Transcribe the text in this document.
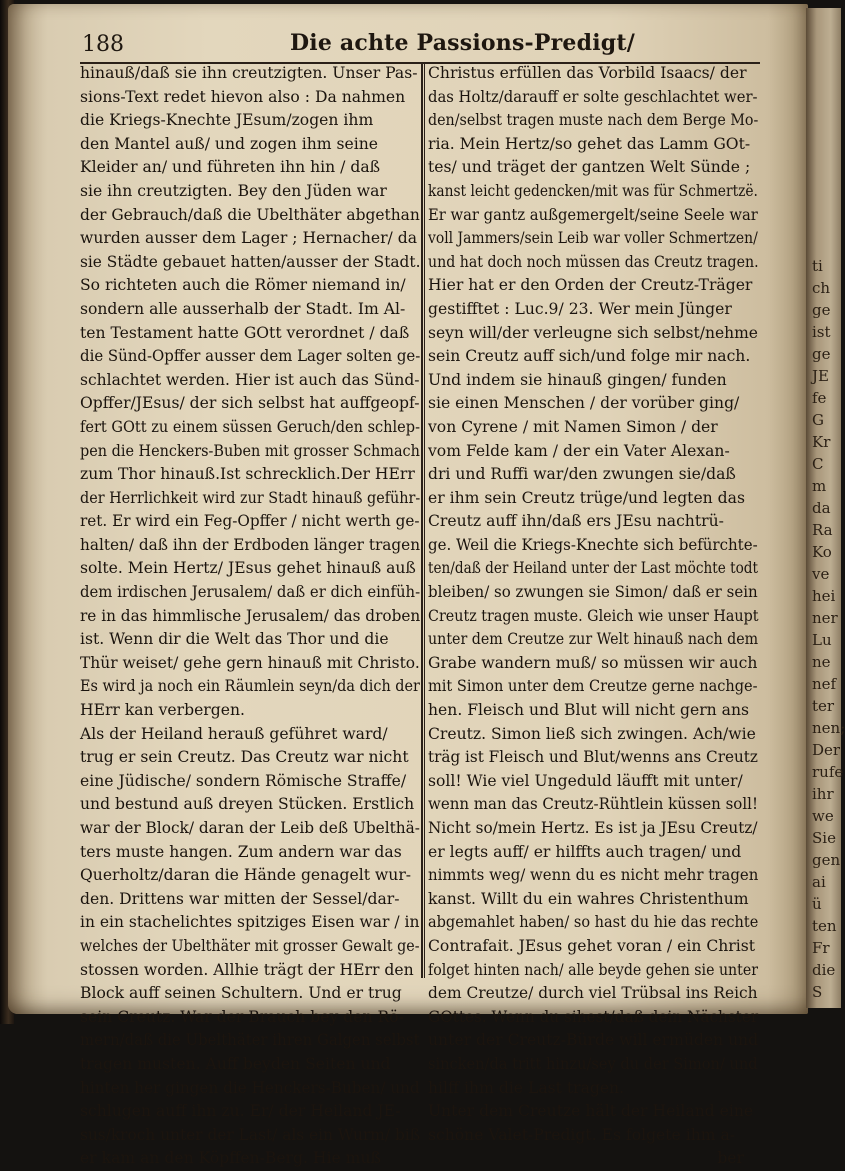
ti
ch
ge
ist
ge
JE
fe
G
Kr
C
m
da
Ra
Ko
ve
hei
ner
Lu
ne
nef
ter
nen;
Der
rufe
ihr
we
Sie
gen
ai
ü
ten
Fr
die
S
188	Die achte Passions-Predigt/
hinauß/daß sie ihn creutzigten. Unser Pas-
sions-Text redet hievon also : Da nahmen
die Kriegs-Knechte JEsum/zogen ihm
den Mantel auß/ und zogen ihm seine
Kleider an/ und führeten ihn hin / daß
sie ihn creutzigten. Bey den Jüden war
der Gebrauch/daß die Ubelthäter abgethan
wurden ausser dem Lager ; Hernacher/ da
sie Städte gebauet hatten/ausser der Stadt.
So richteten auch die Römer niemand in/
sondern alle ausserhalb der Stadt. Im Al-
ten Testament hatte GOtt verordnet / daß
die Sünd-Opffer ausser dem Lager solten ge-
schlachtet werden. Hier ist auch das Sünd-
Opffer/JEsus/ der sich selbst hat auffgeopf-
fert GOtt zu einem süssen Geruch/den schlep-
pen die Henckers-Buben mit grosser Schmach
zum Thor hinauß.Ist schrecklich.Der HErr
der Herrlichkeit wird zur Stadt hinauß geführ-
ret. Er wird ein Feg-Opffer / nicht werth ge-
halten/ daß ihn der Erdboden länger tragen
solte. Mein Hertz/ JEsus gehet hinauß auß
dem irdischen Jerusalem/ daß er dich einfüh-
re in das himmlische Jerusalem/ das droben
ist. Wenn dir die Welt das Thor und die
Thür weiset/ gehe gern hinauß mit Christo.
Es wird ja noch ein Räumlein seyn/da dich der
HErr kan verbergen.
Als der Heiland herauß geführet ward/
trug er sein Creutz. Das Creutz war nicht
eine Jüdische/ sondern Römische Straffe/
und bestund auß dreyen Stücken. Erstlich
war der Block/ daran der Leib deß Ubelthä-
ters muste hangen. Zum andern war das
Querholtz/daran die Hände genagelt wur-
den. Drittens war mitten der Sessel/dar-
in ein stachelichtes spitziges Eisen war / in
welches der Ubelthäter mit grosser Gewalt ge-
stossen worden. Allhie trägt der HErr den
Block auff seinen Schultern. Und er trug
sein Creutz. War der Brauch bey den Rö-
mern/daß die Ubelthäter ihren Galgen selbst
tragen musten. Auff beyden Seiten und
hinten her gingen die Henckers-Buben/ und
schlugen auff ihn zu. Er/ der Heiland JE-
sus/kroch unter der Last/ als ein Wurm/ biß
er kam an den Köpffen-Berg. Hie muß
Christus erfüllen das Vorbild Isaacs/ der
das Holtz/darauff er solte geschlachtet wer-
den/selbst tragen muste nach dem Berge Mo-
ria. Mein Hertz/so gehet das Lamm GOt-
tes/ und träget der gantzen Welt Sünde ;
kanst leicht gedencken/mit was für Schmertzë.
Er war gantz außgemergelt/seine Seele war
voll Jammers/sein Leib war voller Schmertzen/
und hat doch noch müssen das Creutz tragen.
Hier hat er den Orden der Creutz-Träger
gestifftet : Luc.9/ 23. Wer mein Jünger
seyn will/der verleugne sich selbst/nehme
sein Creutz auff sich/und folge mir nach.
Und indem sie hinauß gingen/ funden
sie einen Menschen / der vorüber ging/
von Cyrene / mit Namen Simon / der
vom Felde kam / der ein Vater Alexan-
dri und Ruffi war/den zwungen sie/daß
er ihm sein Creutz trüge/und legten das
Creutz auff ihn/daß ers JEsu nachtrü-
ge. Weil die Kriegs-Knechte sich befürchte-
ten/daß der Heiland unter der Last möchte todt
bleiben/ so zwungen sie Simon/ daß er sein
Creutz tragen muste. Gleich wie unser Haupt
unter dem Creutze zur Welt hinauß nach dem
Grabe wandern muß/ so müssen wir auch
mit Simon unter dem Creutze gerne nachge-
hen. Fleisch und Blut will nicht gern ans
Creutz. Simon ließ sich zwingen. Ach/wie
träg ist Fleisch und Blut/wenns ans Creutz
soll! Wie viel Ungeduld läufft mit unter/
wenn man das Creutz-Rühtlein küssen soll!
Nicht so/mein Hertz. Es ist ja JEsu Creutz/
er legts auff/ er hilffts auch tragen/ und
nimmts weg/ wenn du es nicht mehr tragen
kanst. Willt du ein wahres Christenthum
abgemahlet haben/ so hast du hie das rechte
Contrafait. JEsus gehet voran / ein Christ
folget hinten nach/ alle beyde gehen sie unter
dem Creutze/ durch viel Trübsal ins Reich
GOttes. Wenn du sihest/daß dein Nächster
unter der Creutz-Bürde will ermüden und
sincken/da tritt hinzu/sey du der Simon/ und
hilff ihm die Last tragen.
Unter dem Creutze hält der Heiland eine
schöne Valet-Predigt. Es folgete ihm a-
ber
